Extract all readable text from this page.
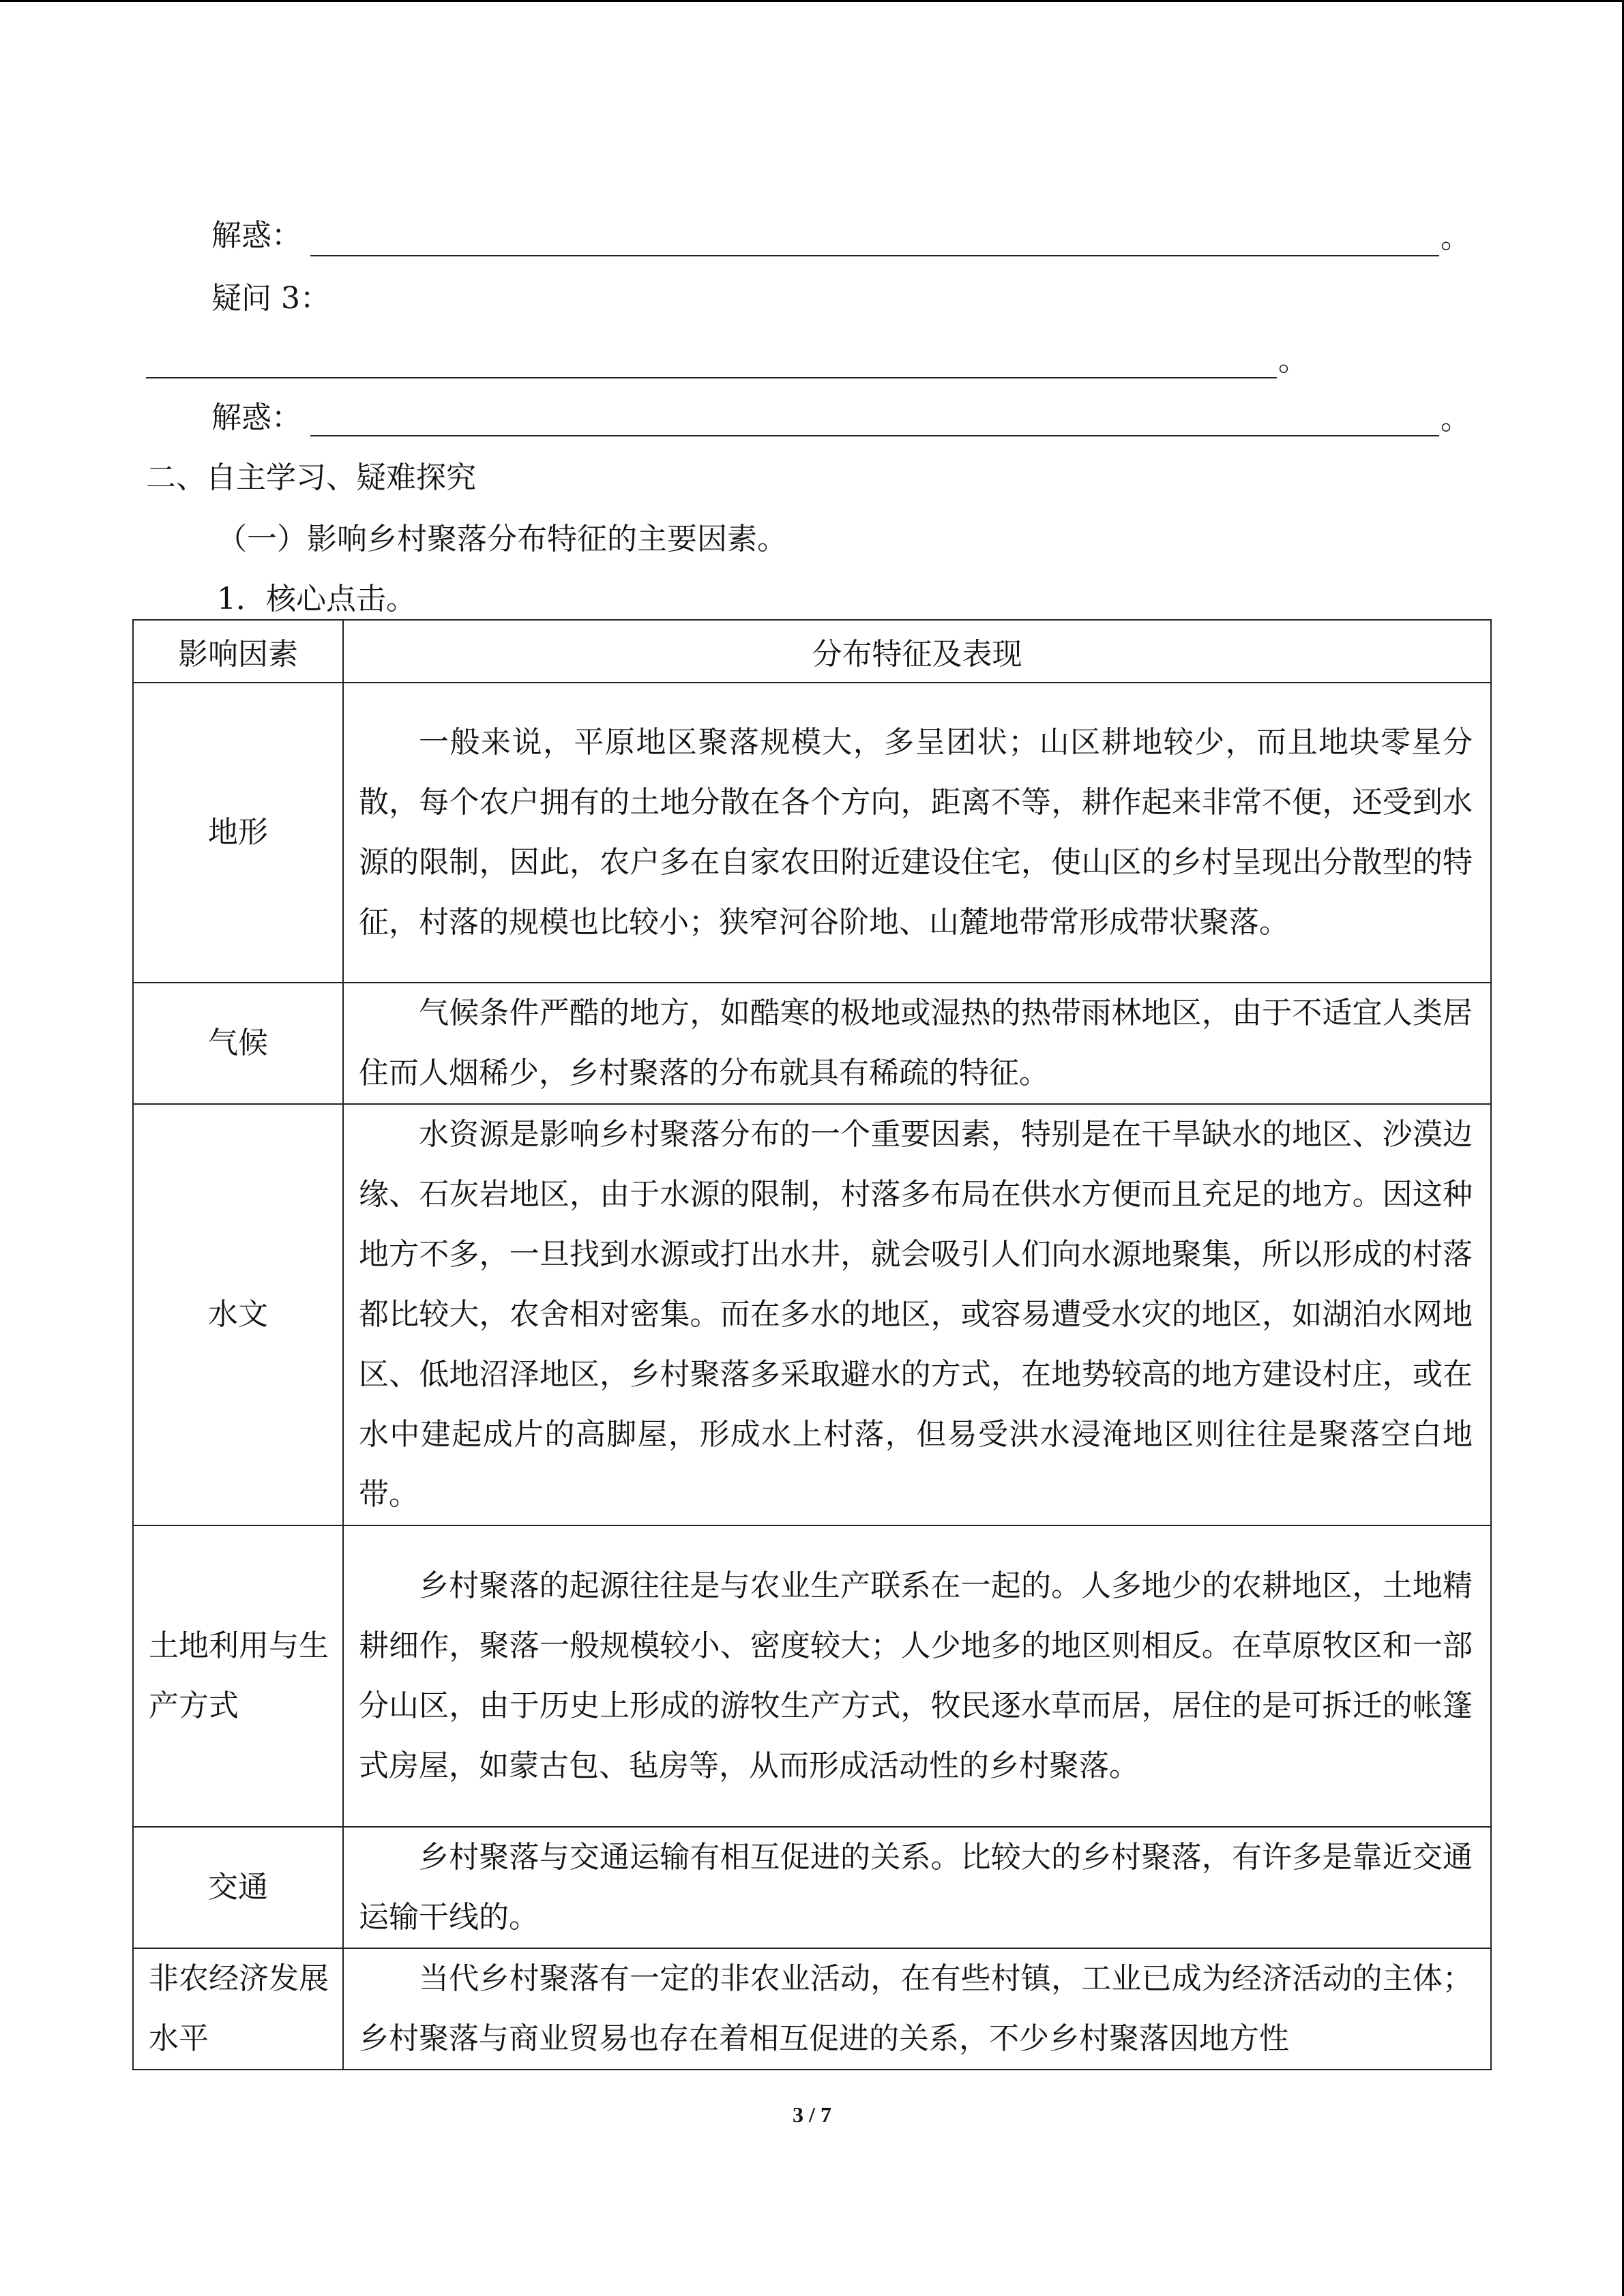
解惑：	。
疑问 3：
。
解惑：	。
二、自主学习、疑难探究
（一）影响乡村聚落分布特征的主要因素。
1．核心点击。
影响因素	分布特征及表现
地形	一般来说，平原地区聚落规模大，多呈团状；山区耕地较少，而且地块零星分散，每个农户拥有的土地分散在各个方向，距离不等，耕作起来非常不便，还受到水源的限制，因此，农户多在自家农田附近建设住宅，使山区的乡村呈现出分散型的特征，村落的规模也比较小；狭窄河谷阶地、山麓地带常形成带状聚落。

气候	气候条件严酷的地方，如酷寒的极地或湿热的热带雨林地区，由于不适宜人类居住而人烟稀少，乡村聚落的分布就具有稀疏的特征。

水文	水资源是影响乡村聚落分布的一个重要因素，特别是在干旱缺水的地区、沙漠边缘、石灰岩地区，由于水源的限制，村落多布局在供水方便而且充足的地方。因这种地方不多，一旦找到水源或打出水井，就会吸引人们向水源地聚集，所以形成的村落都比较大，农舍相对密集。而在多水的地区，或容易遭受水灾的地区，如湖泊水网地区、低地沼泽地区，乡村聚落多采取避水的方式，在地势较高的地方建设村庄，或在水中建起成片的高脚屋，形成水上村落，但易受洪水浸淹地区则往往是聚落空白地带。

土地利用与生产方式	乡村聚落的起源往往是与农业生产联系在一起的。人多地少的农耕地区，土地精耕细作，聚落一般规模较小、密度较大；人少地多的地区则相反。在草原牧区和一部分山区，由于历史上形成的游牧生产方式，牧民逐水草而居，居住的是可拆迁的帐篷式房屋，如蒙古包、毡房等，从而形成活动性的乡村聚落。

交通	乡村聚落与交通运输有相互促进的关系。比较大的乡村聚落，有许多是靠近交通运输干线的。

非农经济发展水平	当代乡村聚落有一定的非农业活动，在有些村镇，工业已成为经济活动的主体；乡村聚落与商业贸易也存在着相互促进的关系，不少乡村聚落因地方性
3 / 7
